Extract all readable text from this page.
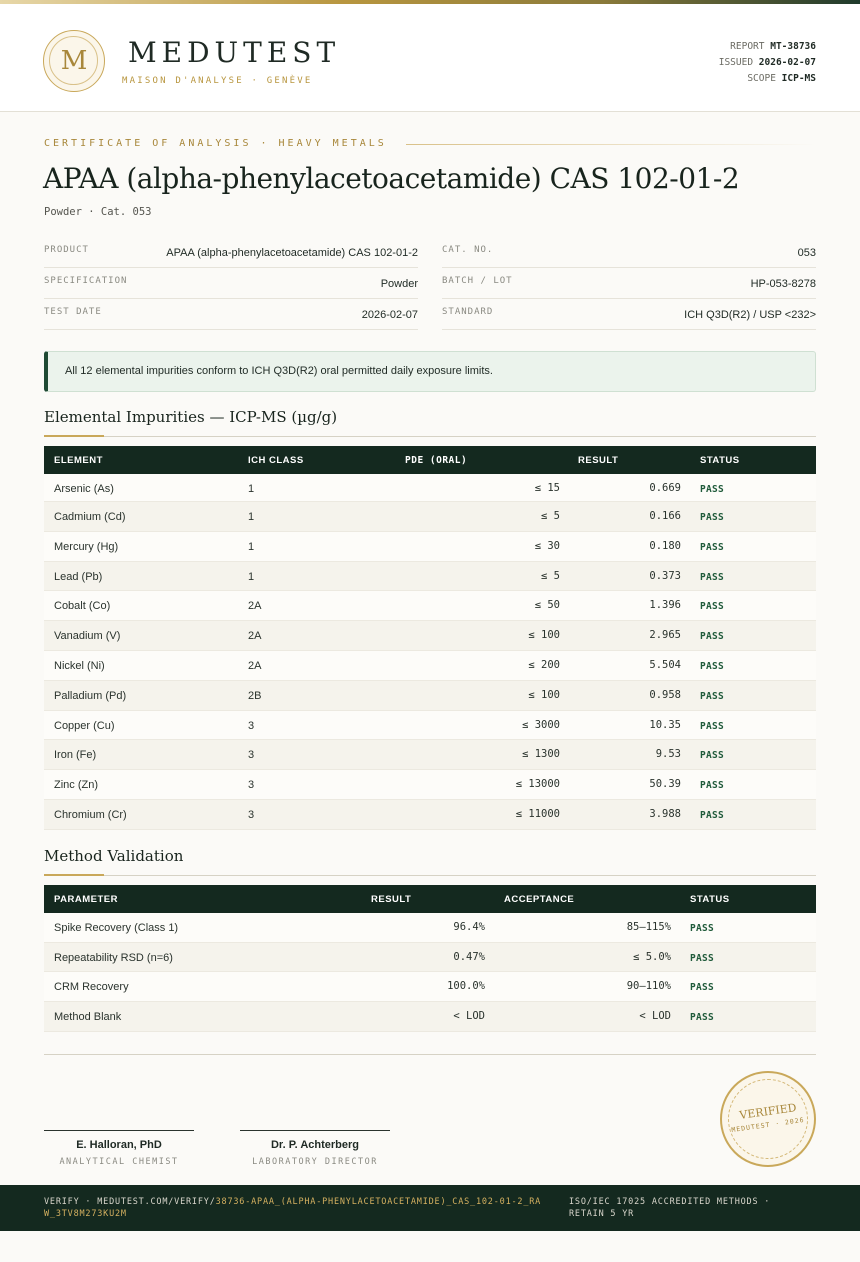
M	MEDUTEST
MAISON D'ANALYSE · GENÈVE
REPORT MT-38736
ISSUED 2026-02-07
SCOPE ICP-MS
CERTIFICATE OF ANALYSIS · HEAVY METALS
APAA (alpha-phenylacetoacetamide) CAS 102-01-2
Powder · Cat. 053
PRODUCT	APAA (alpha-phenylacetoacetamide) CAS 102-01-2
SPECIFICATION	Powder
TEST DATE	2026-02-07
CAT. NO.	053
BATCH / LOT	HP-053-8278
STANDARD	ICH Q3D(R2) / USP <232>
All 12 elemental impurities conform to ICH Q3D(R2) oral permitted daily exposure limits.
Elemental Impurities — ICP-MS (µg/g)
ELEMENT	ICH CLASS	PDE (ORAL)	RESULT	STATUS
Arsenic (As)	1	≤ 15	0.669 PASS
Cadmium (Cd)	1	≤ 5	0.166 PASS
Mercury (Hg)	1	≤ 30	0.180 PASS
Lead (Pb)	1	≤ 5	0.373 PASS
Cobalt (Co)	2A	≤ 50	1.396 PASS
Vanadium (V)	2A	≤ 100	2.965 PASS
Nickel (Ni)	2A	≤ 200	5.504 PASS
Palladium (Pd)	2B	≤ 100	0.958 PASS
Copper (Cu)	3	≤ 3000	10.35 PASS
Iron (Fe)	3	≤ 1300	9.53 PASS
Zinc (Zn)	3	≤ 13000	50.39 PASS
Chromium (Cr)	3	≤ 11000	3.988 PASS
Method Validation
PARAMETER	RESULT	ACCEPTANCE	STATUS
Spike Recovery (Class 1)	96.4%	85–115% PASS
Repeatability RSD (n=6)	0.47%	≤ 5.0% PASS
CRM Recovery	100.0%	90–110% PASS
Method Blank	< LOD	< LOD PASS
E. Halloran, PhD
ANALYTICAL CHEMIST
Dr. P. Achterberg
LABORATORY DIRECTOR
VERIFIED
MEDUTEST · 2026
VERIFY · MEDUTEST.COM/VERIFY/38736-APAA_(ALPHA-PHENYLACETOACETAMIDE)_CAS_102-01-2_RAW_3TV8M273KU2M
ISO/IEC 17025 ACCREDITED METHODS · RETAIN 5 YR
